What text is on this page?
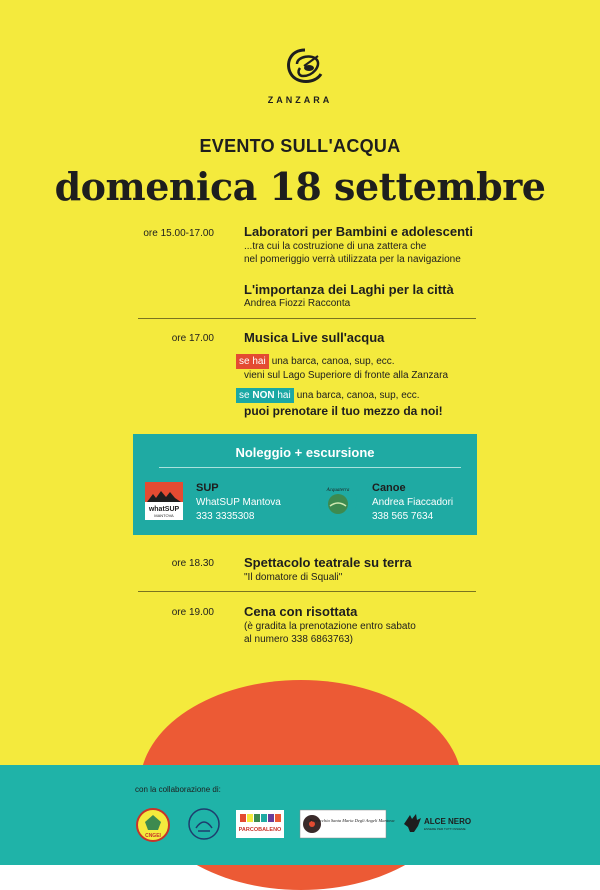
ZANZARA
EVENTO SULL'ACQUA
domenica 18 settembre
ore 15.00-17.00 Laboratori per Bambini e adolescenti
...tra cui la costruzione di una zattera che
nel pomeriggio verrà utilizzata per la navigazione
L'importanza dei Laghi per la città
Andrea Fiozzi Racconta
ore 17.00 Musica Live sull'acqua
se hai una barca, canoa, sup, ecc.
vieni sul Lago Superiore di fronte alla Zanzara
se NON hai una barca, canoa, sup, ecc.
puoi prenotare il tuo mezzo da noi!
Noleggio + escursione
whatSUP
MANTOVA
SUP
WhatSUP Mantova
333 3335308
Acquaterra Canoe
Andrea Fiaccadori
338 565 7634
ore 18.30 Spettacolo teatrale su terra
"Il domatore di Squali"
ore 19.00 Cena con risottata
(è gradita la prenotazione entro sabato
al numero 338 6863763)
con la collaborazione di:
CNGEI
PARCOBALENO
Parrocchia Santa Maria Degli Angeli Mantova	ALCE NERO
ESSERE PER TUTTI INSIEME
